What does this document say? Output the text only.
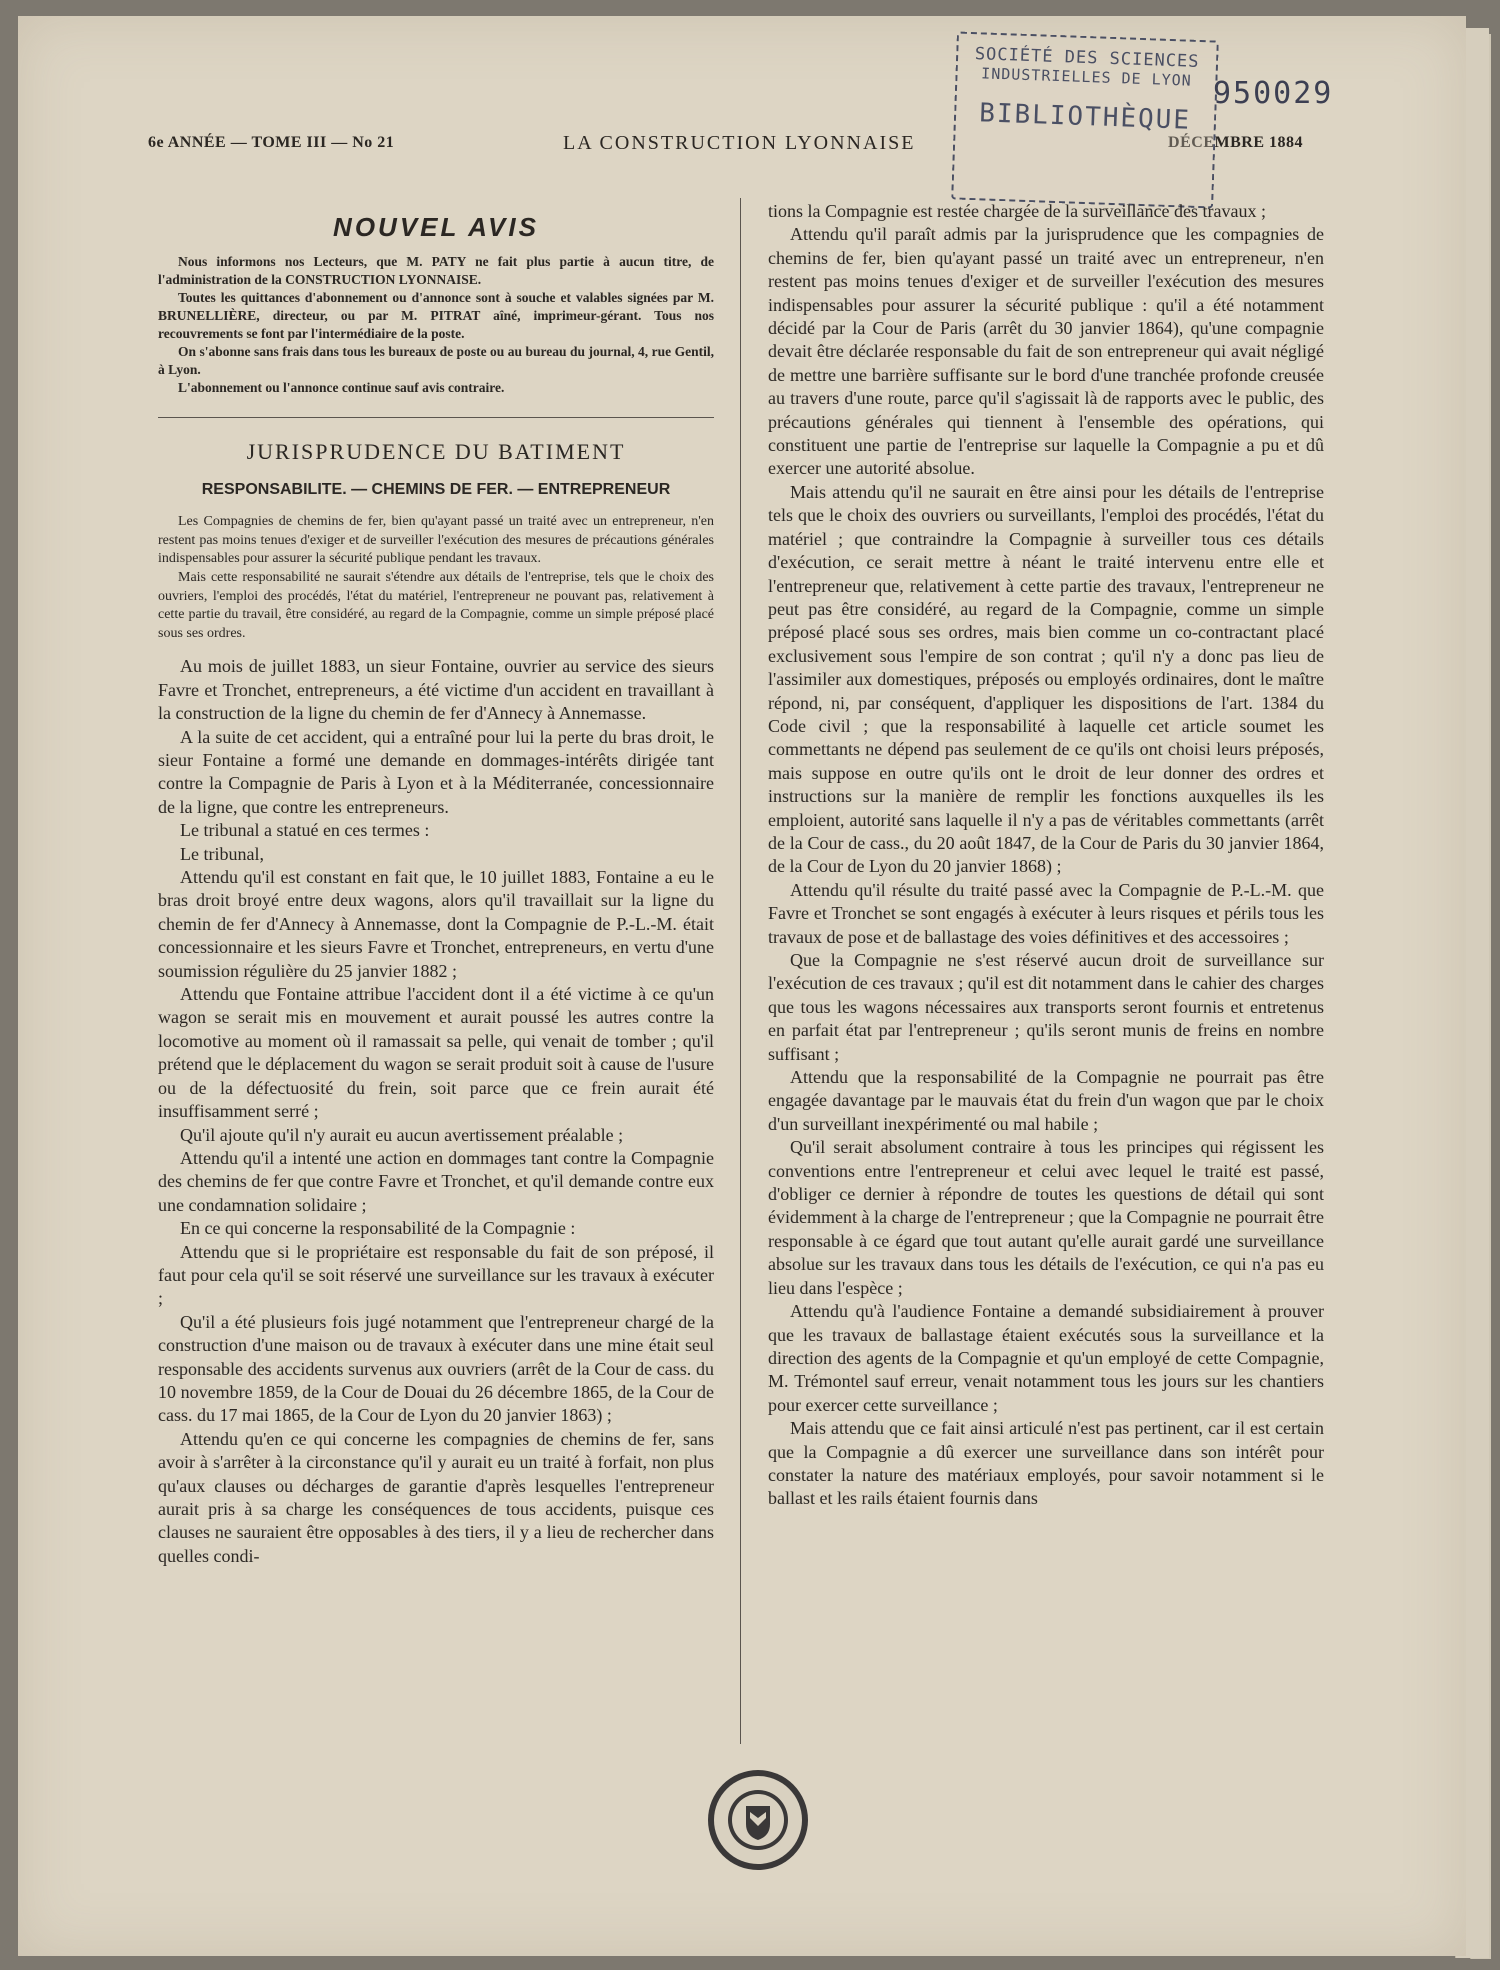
6e ANNÉE — TOME III — No 21	LA CONSTRUCTION LYONNAISE	DÉCEMBRE 1884
SOCIÉTÉ DES SCIENCES
INDUSTRIELLES DE LYON
BIBLIOTHÈQUE
950029
NOUVEL AVIS

Nous informons nos Lecteurs, que M. PATY ne fait plus partie à aucun titre, de l'administration de la CONSTRUCTION LYONNAISE.

Toutes les quittances d'abonnement ou d'annonce sont à souche et valables signées par M. BRUNELLIÈRE, directeur, ou par M. PITRAT aîné, imprimeur-gérant. Tous nos recouvrements se font par l'intermédiaire de la poste.

On s'abonne sans frais dans tous les bureaux de poste ou au bureau du journal, 4, rue Gentil, à Lyon.

L'abonnement ou l'annonce continue sauf avis contraire.

JURISPRUDENCE DU BATIMENT
RESPONSABILITE. — CHEMINS DE FER. — ENTREPRENEUR

Les Compagnies de chemins de fer, bien qu'ayant passé un traité avec un entrepreneur, n'en restent pas moins tenues d'exiger et de surveiller l'exécution des mesures de précautions générales indispensables pour assurer la sécurité publique pendant les travaux.

Mais cette responsabilité ne saurait s'étendre aux détails de l'entreprise, tels que le choix des ouvriers, l'emploi des procédés, l'état du matériel, l'entrepreneur ne pouvant pas, relativement à cette partie du travail, être considéré, au regard de la Compagnie, comme un simple préposé placé sous ses ordres.

Au mois de juillet 1883, un sieur Fontaine, ouvrier au service des sieurs Favre et Tronchet, entrepreneurs, a été victime d'un accident en travaillant à la construction de la ligne du chemin de fer d'Annecy à Annemasse.

A la suite de cet accident, qui a entraîné pour lui la perte du bras droit, le sieur Fontaine a formé une demande en dommages-intérêts dirigée tant contre la Compagnie de Paris à Lyon et à la Méditerranée, concessionnaire de la ligne, que contre les entrepreneurs.

Le tribunal a statué en ces termes :

Le tribunal,

Attendu qu'il est constant en fait que, le 10 juillet 1883, Fontaine a eu le bras droit broyé entre deux wagons, alors qu'il travaillait sur la ligne du chemin de fer d'Annecy à Annemasse, dont la Compagnie de P.-L.-M. était concessionnaire et les sieurs Favre et Tronchet, entrepreneurs, en vertu d'une soumission régulière du 25 janvier 1882 ;

Attendu que Fontaine attribue l'accident dont il a été victime à ce qu'un wagon se serait mis en mouvement et aurait poussé les autres contre la locomotive au moment où il ramassait sa pelle, qui venait de tomber ; qu'il prétend que le déplacement du wagon se serait produit soit à cause de l'usure ou de la défectuosité du frein, soit parce que ce frein aurait été insuffisamment serré ;

Qu'il ajoute qu'il n'y aurait eu aucun avertissement préalable ;

Attendu qu'il a intenté une action en dommages tant contre la Compagnie des chemins de fer que contre Favre et Tronchet, et qu'il demande contre eux une condamnation solidaire ;

En ce qui concerne la responsabilité de la Compagnie :

Attendu que si le propriétaire est responsable du fait de son préposé, il faut pour cela qu'il se soit réservé une surveillance sur les travaux à exécuter ;

Qu'il a été plusieurs fois jugé notamment que l'entrepreneur chargé de la construction d'une maison ou de travaux à exécuter dans une mine était seul responsable des accidents survenus aux ouvriers (arrêt de la Cour de cass. du 10 novembre 1859, de la Cour de Douai du 26 décembre 1865, de la Cour de cass. du 17 mai 1865, de la Cour de Lyon du 20 janvier 1863) ;

Attendu qu'en ce qui concerne les compagnies de chemins de fer, sans avoir à s'arrêter à la circonstance qu'il y aurait eu un traité à forfait, non plus qu'aux clauses ou décharges de garantie d'après lesquelles l'entrepreneur aurait pris à sa charge les conséquences de tous accidents, puisque ces clauses ne sauraient être opposables à des tiers, il y a lieu de rechercher dans quelles condi-

tions la Compagnie est restée chargée de la surveillance des travaux ;

Attendu qu'il paraît admis par la jurisprudence que les compagnies de chemins de fer, bien qu'ayant passé un traité avec un entrepreneur, n'en restent pas moins tenues d'exiger et de surveiller l'exécution des mesures indispensables pour assurer la sécurité publique : qu'il a été notamment décidé par la Cour de Paris (arrêt du 30 janvier 1864), qu'une compagnie devait être déclarée responsable du fait de son entrepreneur qui avait négligé de mettre une barrière suffisante sur le bord d'une tranchée profonde creusée au travers d'une route, parce qu'il s'agissait là de rapports avec le public, des précautions générales qui tiennent à l'ensemble des opérations, qui constituent une partie de l'entreprise sur laquelle la Compagnie a pu et dû exercer une autorité absolue.

Mais attendu qu'il ne saurait en être ainsi pour les détails de l'entreprise tels que le choix des ouvriers ou surveillants, l'emploi des procédés, l'état du matériel ; que contraindre la Compagnie à surveiller tous ces détails d'exécution, ce serait mettre à néant le traité intervenu entre elle et l'entrepreneur que, relativement à cette partie des travaux, l'entrepreneur ne peut pas être considéré, au regard de la Compagnie, comme un simple préposé placé sous ses ordres, mais bien comme un co-contractant placé exclusivement sous l'empire de son contrat ; qu'il n'y a donc pas lieu de l'assimiler aux domestiques, préposés ou employés ordinaires, dont le maître répond, ni, par conséquent, d'appliquer les dispositions de l'art. 1384 du Code civil ; que la responsabilité à laquelle cet article soumet les commettants ne dépend pas seulement de ce qu'ils ont choisi leurs préposés, mais suppose en outre qu'ils ont le droit de leur donner des ordres et instructions sur la manière de remplir les fonctions auxquelles ils les emploient, autorité sans laquelle il n'y a pas de véritables commettants (arrêt de la Cour de cass., du 20 août 1847, de la Cour de Paris du 30 janvier 1864, de la Cour de Lyon du 20 janvier 1868) ;

Attendu qu'il résulte du traité passé avec la Compagnie de P.-L.-M. que Favre et Tronchet se sont engagés à exécuter à leurs risques et périls tous les travaux de pose et de ballastage des voies définitives et des accessoires ;

Que la Compagnie ne s'est réservé aucun droit de surveillance sur l'exécution de ces travaux ; qu'il est dit notamment dans le cahier des charges que tous les wagons nécessaires aux transports seront fournis et entretenus en parfait état par l'entrepreneur ; qu'ils seront munis de freins en nombre suffisant ;

Attendu que la responsabilité de la Compagnie ne pourrait pas être engagée davantage par le mauvais état du frein d'un wagon que par le choix d'un surveillant inexpérimenté ou mal habile ;

Qu'il serait absolument contraire à tous les principes qui régissent les conventions entre l'entrepreneur et celui avec lequel le traité est passé, d'obliger ce dernier à répondre de toutes les questions de détail qui sont évidemment à la charge de l'entrepreneur ; que la Compagnie ne pourrait être responsable à ce égard que tout autant qu'elle aurait gardé une surveillance absolue sur les travaux dans tous les détails de l'exécution, ce qui n'a pas eu lieu dans l'espèce ;

Attendu qu'à l'audience Fontaine a demandé subsidiairement à prouver que les travaux de ballastage étaient exécutés sous la surveillance et la direction des agents de la Compagnie et qu'un employé de cette Compagnie, M. Trémontel sauf erreur, venait notamment tous les jours sur les chantiers pour exercer cette surveillance ;

Mais attendu que ce fait ainsi articulé n'est pas pertinent, car il est certain que la Compagnie a dû exercer une surveillance dans son intérêt pour constater la nature des matériaux employés, pour savoir notamment si le ballast et les rails étaient fournis dans
